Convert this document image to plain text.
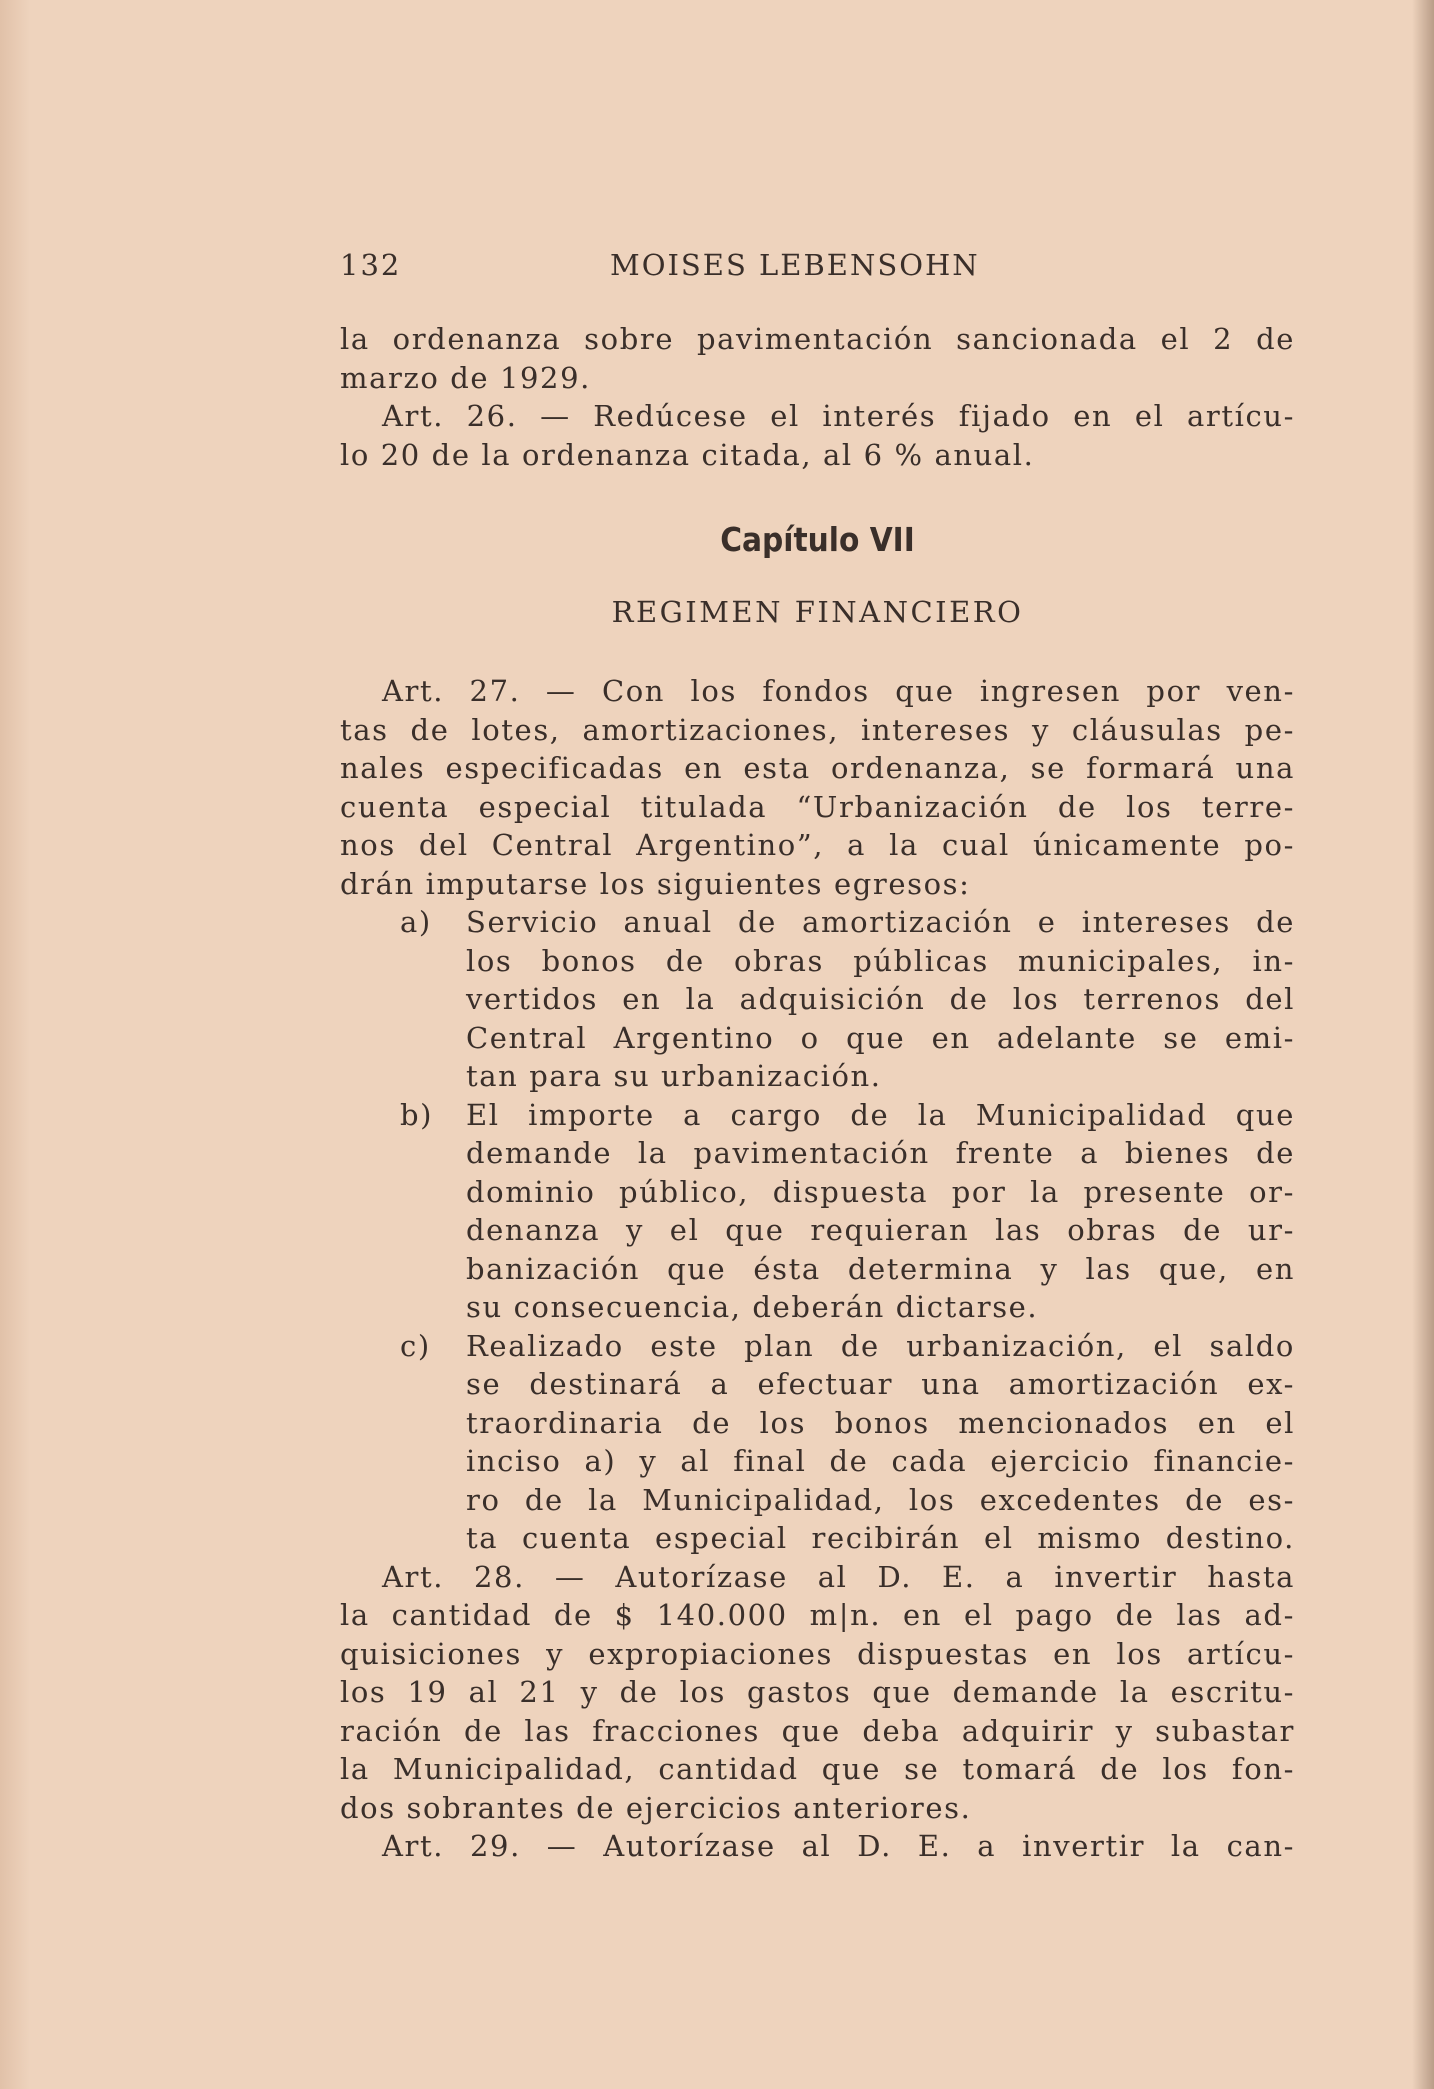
132	MOISES LEBENSOHN
la ordenanza sobre pavimentación sancionada el 2 de
marzo de 1929.
Art. 26. — Redúcese el interés fijado en el artícu-
lo 20 de la ordenanza citada, al 6 % anual.
Capítulo VII
REGIMEN FINANCIERO
Art. 27. — Con los fondos que ingresen por ven-
tas de lotes, amortizaciones, intereses y cláusulas pe-
nales especificadas en esta ordenanza, se formará una
cuenta especial titulada “Urbanización de los terre-
nos del Central Argentino”, a la cual únicamente po-
drán imputarse los siguientes egresos:
a) Servicio anual de amortización e intereses de
los bonos de obras públicas municipales, in-
vertidos en la adquisición de los terrenos del
Central Argentino o que en adelante se emi-
tan para su urbanización.
b) El importe a cargo de la Municipalidad que
demande la pavimentación frente a bienes de
dominio público, dispuesta por la presente or-
denanza y el que requieran las obras de ur-
banización que ésta determina y las que, en
su consecuencia, deberán dictarse.
c) Realizado este plan de urbanización, el saldo
se destinará a efectuar una amortización ex-
traordinaria de los bonos mencionados en el
inciso a) y al final de cada ejercicio financie-
ro de la Municipalidad, los excedentes de es-
ta cuenta especial recibirán el mismo destino.
Art. 28. — Autorízase al D. E. a invertir hasta
la cantidad de $ 140.000 m|n. en el pago de las ad-
quisiciones y expropiaciones dispuestas en los artícu-
los 19 al 21 y de los gastos que demande la escritu-
ración de las fracciones que deba adquirir y subastar
la Municipalidad, cantidad que se tomará de los fon-
dos sobrantes de ejercicios anteriores.
Art. 29. — Autorízase al D. E. a invertir la can-
